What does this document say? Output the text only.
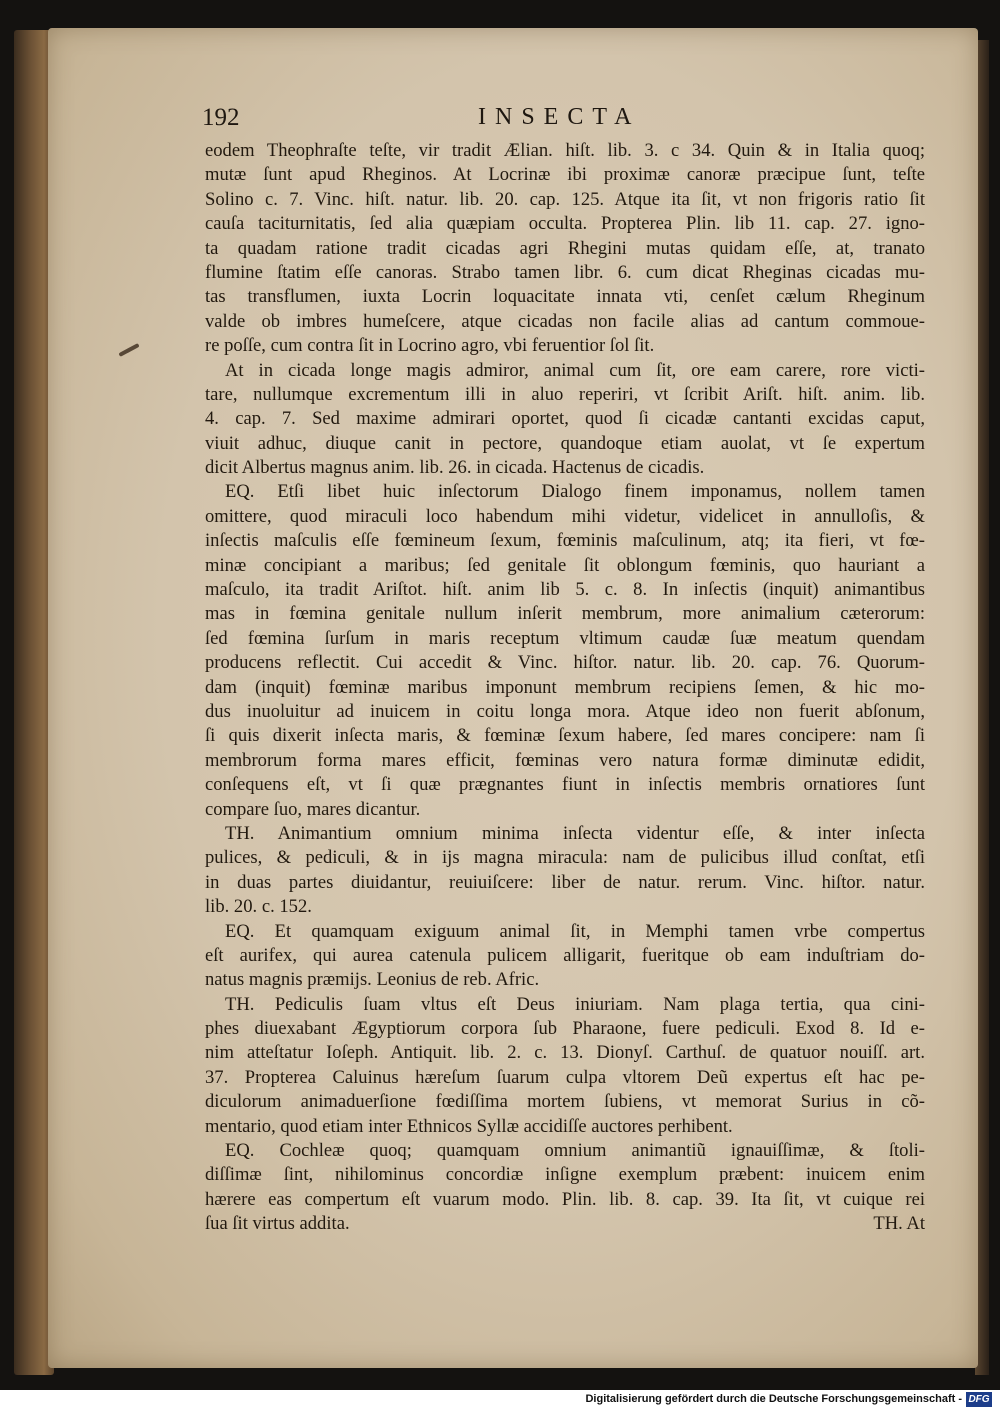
192	INSECTA
eodem Theophraſte teſte, vir tradit Ælian. hiſt. lib. 3. c 34. Quin & in Italia quoq;
mutæ ſunt apud Rheginos. At Locrinæ ibi proximæ canoræ præcipue ſunt, teſte
Solino c. 7. Vinc. hiſt. natur. lib. 20. cap. 125. Atque ita ſit, vt non frigoris ratio ſit
cauſa taciturnitatis, ſed alia quæpiam occulta. Propterea Plin. lib 11. cap. 27. igno-
ta quadam ratione tradit cicadas agri Rhegini mutas quidam eſſe, at, tranato
flumine ſtatim eſſe canoras. Strabo tamen libr. 6. cum dicat Rheginas cicadas mu-
tas transflumen, iuxta Locrin loquacitate innata vti, cenſet cælum Rheginum
valde ob imbres humeſcere, atque cicadas non facile alias ad cantum commoue-
re poſſe, cum contra ſit in Locrino agro, vbi feruentior ſol ſit.
At in cicada longe magis admiror, animal cum ſit, ore eam carere, rore victi-
tare, nullumque excrementum illi in aluo reperiri, vt ſcribit Ariſt. hiſt. anim. lib.
4. cap. 7. Sed maxime admirari oportet, quod ſi cicadæ cantanti excidas caput,
viuit adhuc, diuque canit in pectore, quandoque etiam auolat, vt ſe expertum
dicit Albertus magnus anim. lib. 26. in cicada. Hactenus de cicadis.
EQ. Etſi libet huic inſectorum Dialogo finem imponamus, nollem tamen
omittere, quod miraculi loco habendum mihi videtur, videlicet in annulloſis, &
inſectis maſculis eſſe fœmineum ſexum, fœminis maſculinum, atq; ita fieri, vt fœ-
minæ concipiant a maribus; ſed genitale ſit oblongum fœminis, quo hauriant a
maſculo, ita tradit Ariſtot. hiſt. anim lib 5. c. 8. In inſectis (inquit) animantibus
mas in fœmina genitale nullum inſerit membrum, more animalium cæterorum:
ſed fœmina ſurſum in maris receptum vltimum caudæ ſuæ meatum quendam
producens reflectit. Cui accedit & Vinc. hiſtor. natur. lib. 20. cap. 76. Quorum-
dam (inquit) fœminæ maribus imponunt membrum recipiens ſemen, & hic mo-
dus inuoluitur ad inuicem in coitu longa mora. Atque ideo non fuerit abſonum,
ſi quis dixerit inſecta maris, & fœminæ ſexum habere, ſed mares concipere: nam ſi
membrorum forma mares efficit, fœminas vero natura formæ diminutæ edidit,
conſequens eſt, vt ſi quæ prægnantes fiunt in inſectis membris ornatiores ſunt
compare ſuo, mares dicantur.
TH. Animantium omnium minima inſecta videntur eſſe, & inter inſecta
pulices, & pediculi, & in ijs magna miracula: nam de pulicibus illud conſtat, etſi
in duas partes diuidantur, reuiuiſcere: liber de natur. rerum. Vinc. hiſtor. natur.
lib. 20. c. 152.
EQ. Et quamquam exiguum animal ſit, in Memphi tamen vrbe compertus
eſt aurifex, qui aurea catenula pulicem alligarit, fueritque ob eam induſtriam do-
natus magnis præmijs. Leonius de reb. Afric.
TH. Pediculis ſuam vltus eſt Deus iniuriam. Nam plaga tertia, qua cini-
phes diuexabant Ægyptiorum corpora ſub Pharaone, fuere pediculi. Exod 8. Id e-
nim atteſtatur Ioſeph. Antiquit. lib. 2. c. 13. Dionyſ. Carthuſ. de quatuor nouiſſ. art.
37. Propterea Caluinus hæreſum ſuarum culpa vltorem Deũ expertus eſt hac pe-
diculorum animaduerſione fœdiſſima mortem ſubiens, vt memorat Surius in cõ-
mentario, quod etiam inter Ethnicos Syllæ accidiſſe auctores perhibent.
EQ. Cochleæ quoq; quamquam omnium animantiũ ignauiſſimæ, & ſtoli-
diſſimæ ſint, nihilominus concordiæ inſigne exemplum præbent: inuicem enim
hærere eas compertum eſt vuarum modo. Plin. lib. 8. cap. 39. Ita ſit, vt cuique rei
ſua ſit virtus addita.	TH. At
Digitalisierung gefördert durch die Deutsche Forschungsgemeinschaft - DFG
